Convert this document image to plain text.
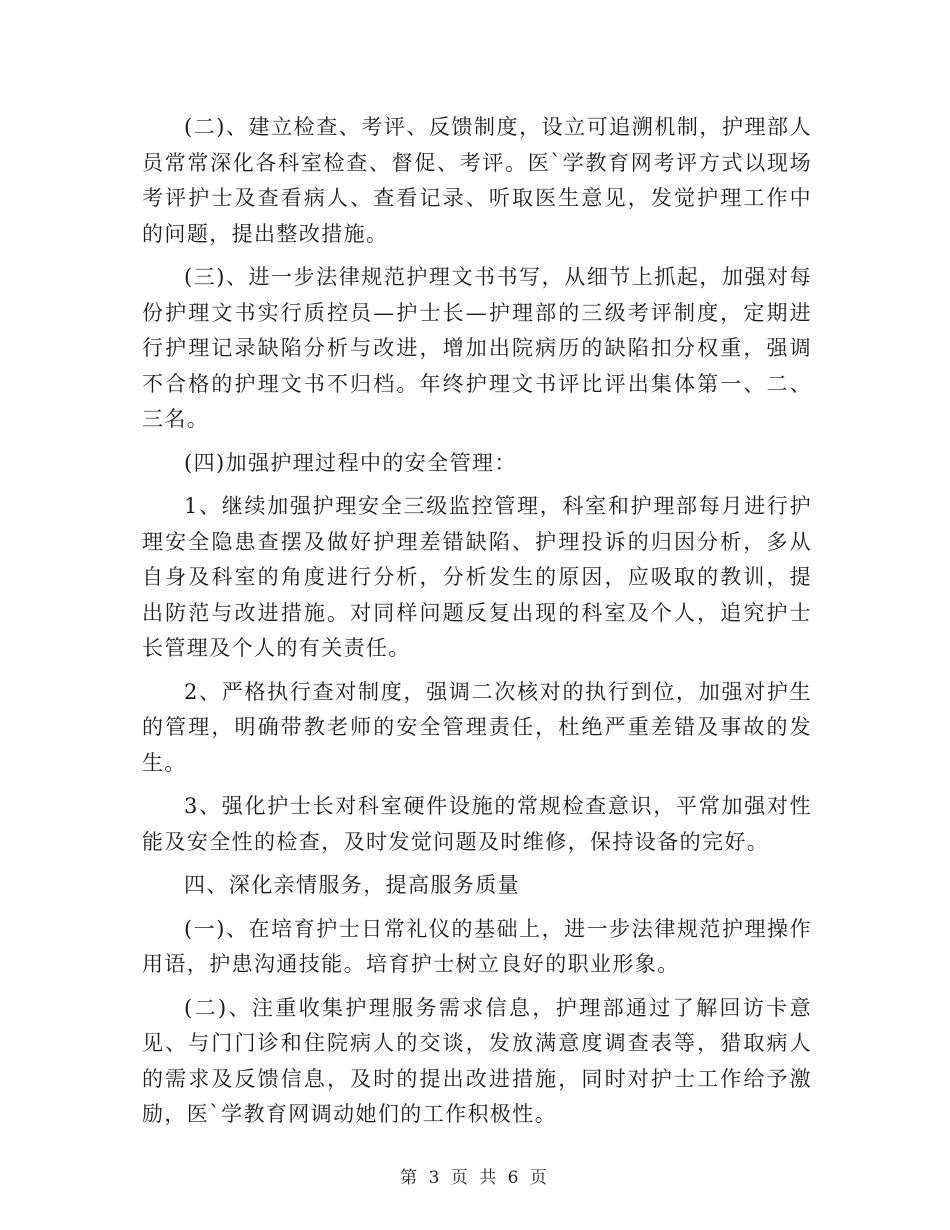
(二)、建立检查、考评、反馈制度，设立可追溯机制，护理部人员常常深化各科室检查、督促、考评。医`学教育网考评方式以现场考评护士及查看病人、查看记录、听取医生意见，发觉护理工作中的问题，提出整改措施。

(三)、进一步法律规范护理文书书写，从细节上抓起，加强对每份护理文书实行质控员—护士长—护理部的三级考评制度，定期进行护理记录缺陷分析与改进，增加出院病历的缺陷扣分权重，强调不合格的护理文书不归档。年终护理文书评比评出集体第一、二、三名。

(四)加强护理过程中的安全管理：

1、继续加强护理安全三级监控管理，科室和护理部每月进行护理安全隐患查摆及做好护理差错缺陷、护理投诉的归因分析，多从自身及科室的角度进行分析，分析发生的原因，应吸取的教训，提出防范与改进措施。对同样问题反复出现的科室及个人，追究护士长管理及个人的有关责任。

2、严格执行查对制度，强调二次核对的执行到位，加强对护生的管理，明确带教老师的安全管理责任，杜绝严重差错及事故的发生。

3、强化护士长对科室硬件设施的常规检查意识，平常加强对性能及安全性的检查，及时发觉问题及时维修，保持设备的完好。

四、深化亲情服务，提高服务质量

(一)、在培育护士日常礼仪的基础上，进一步法律规范护理操作用语，护患沟通技能。培育护士树立良好的职业形象。

(二)、注重收集护理服务需求信息，护理部通过了解回访卡意见、与门门诊和住院病人的交谈，发放满意度调查表等，猎取病人的需求及反馈信息，及时的提出改进措施，同时对护士工作给予激励，医`学教育网调动她们的工作积极性。

第 3 页 共 6 页
